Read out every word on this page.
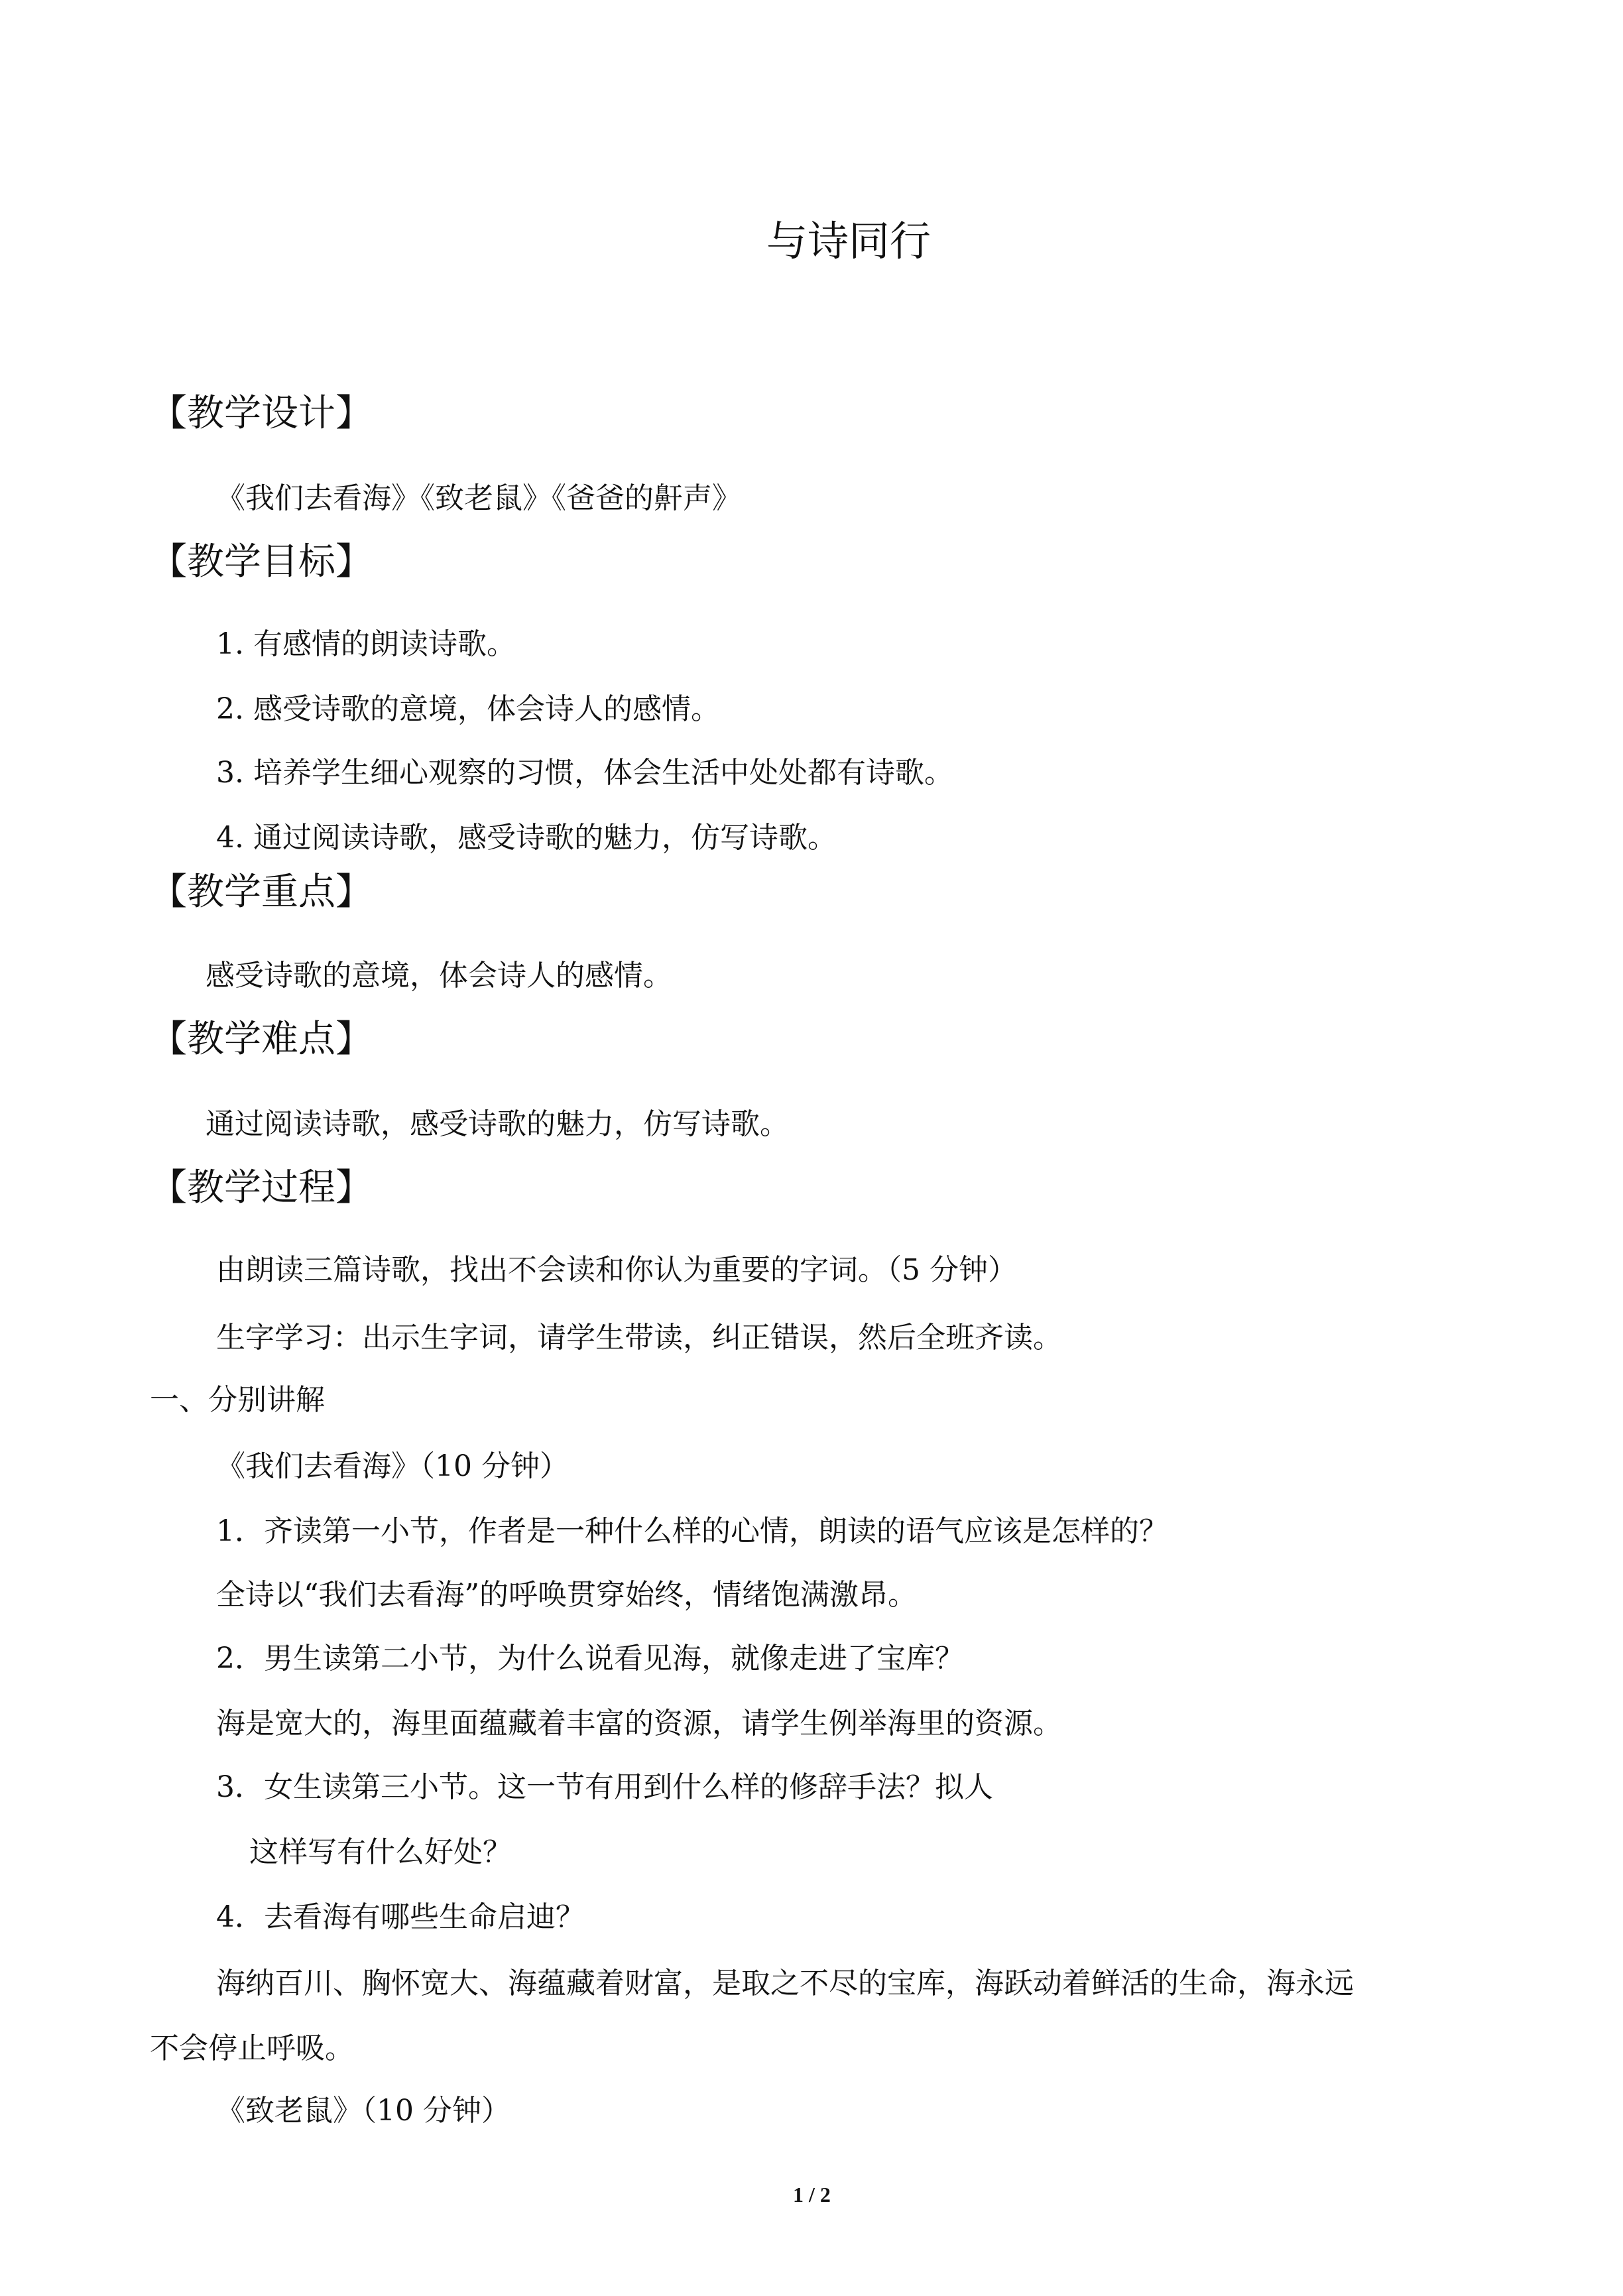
与诗同行
【教学设计】
《我们去看海》《致老鼠》《爸爸的鼾声》
【教学目标】
1. 有感情的朗读诗歌。
2. 感受诗歌的意境，体会诗人的感情。
3. 培养学生细心观察的习惯，体会生活中处处都有诗歌。
4. 通过阅读诗歌，感受诗歌的魅力，仿写诗歌。
【教学重点】
感受诗歌的意境，体会诗人的感情。
【教学难点】
通过阅读诗歌，感受诗歌的魅力，仿写诗歌。
【教学过程】
由朗读三篇诗歌，找出不会读和你认为重要的字词。（5 分钟）
生字学习：出示生字词，请学生带读，纠正错误，然后全班齐读。
一、分别讲解
《我们去看海》（10 分钟）
1．齐读第一小节，作者是一种什么样的心情，朗读的语气应该是怎样的？
全诗以“我们去看海”的呼唤贯穿始终，情绪饱满激昂。
2．男生读第二小节，为什么说看见海，就像走进了宝库？
海是宽大的，海里面蕴藏着丰富的资源，请学生例举海里的资源。
3．女生读第三小节。这一节有用到什么样的修辞手法？拟人
这样写有什么好处？
4．去看海有哪些生命启迪？
海纳百川、胸怀宽大、海蕴藏着财富，是取之不尽的宝库，海跃动着鲜活的生命，海永远
不会停止呼吸。
《致老鼠》（10 分钟）
1 / 2
